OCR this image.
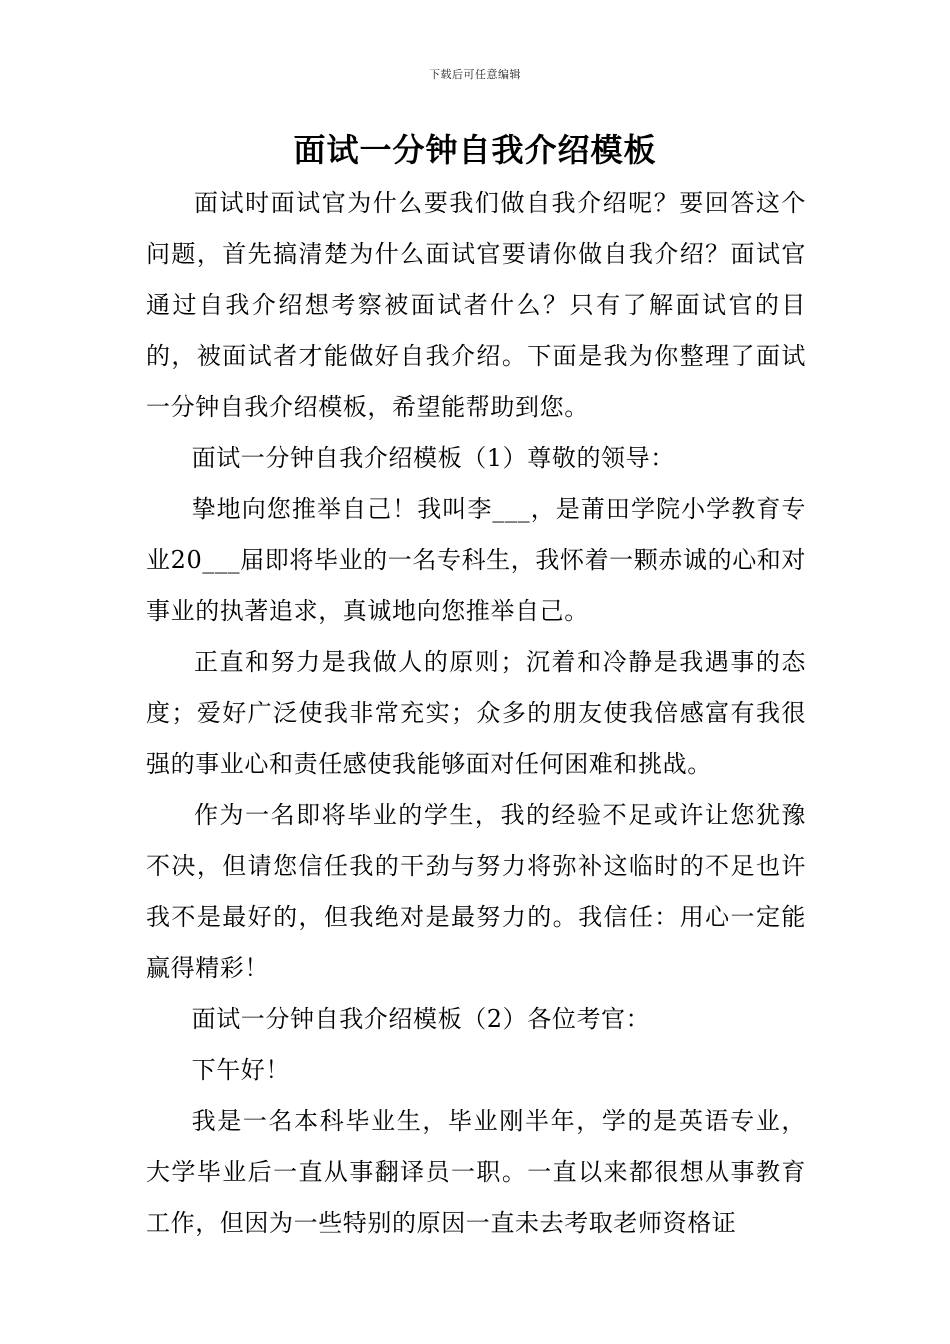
下载后可任意编辑
面试一分钟自我介绍模板

面试时面试官为什么要我们做自我介绍呢？要回答这个问题，首先搞清楚为什么面试官要请你做自我介绍？面试官通过自我介绍想考察被面试者什么？只有了解面试官的目的，被面试者才能做好自我介绍。下面是我为你整理了面试一分钟自我介绍模板，希望能帮助到您。

面试一分钟自我介绍模板（1）尊敬的领导：

挚地向您推举自己！我叫李___，是莆田学院小学教育专业20___届即将毕业的一名专科生，我怀着一颗赤诚的心和对事业的执著追求，真诚地向您推举自己。

正直和努力是我做人的原则；沉着和冷静是我遇事的态度；爱好广泛使我非常充实；众多的朋友使我倍感富有我很强的事业心和责任感使我能够面对任何困难和挑战。

作为一名即将毕业的学生，我的经验不足或许让您犹豫不决，但请您信任我的干劲与努力将弥补这临时的不足也许我不是最好的，但我绝对是最努力的。我信任：用心一定能赢得精彩！

面试一分钟自我介绍模板（2）各位考官：

下午好！

我是一名本科毕业生，毕业刚半年，学的是英语专业，大学毕业后一直从事翻译员一职。一直以来都很想从事教育工作，但因为一些特别的原因一直未去考取老师资格证
